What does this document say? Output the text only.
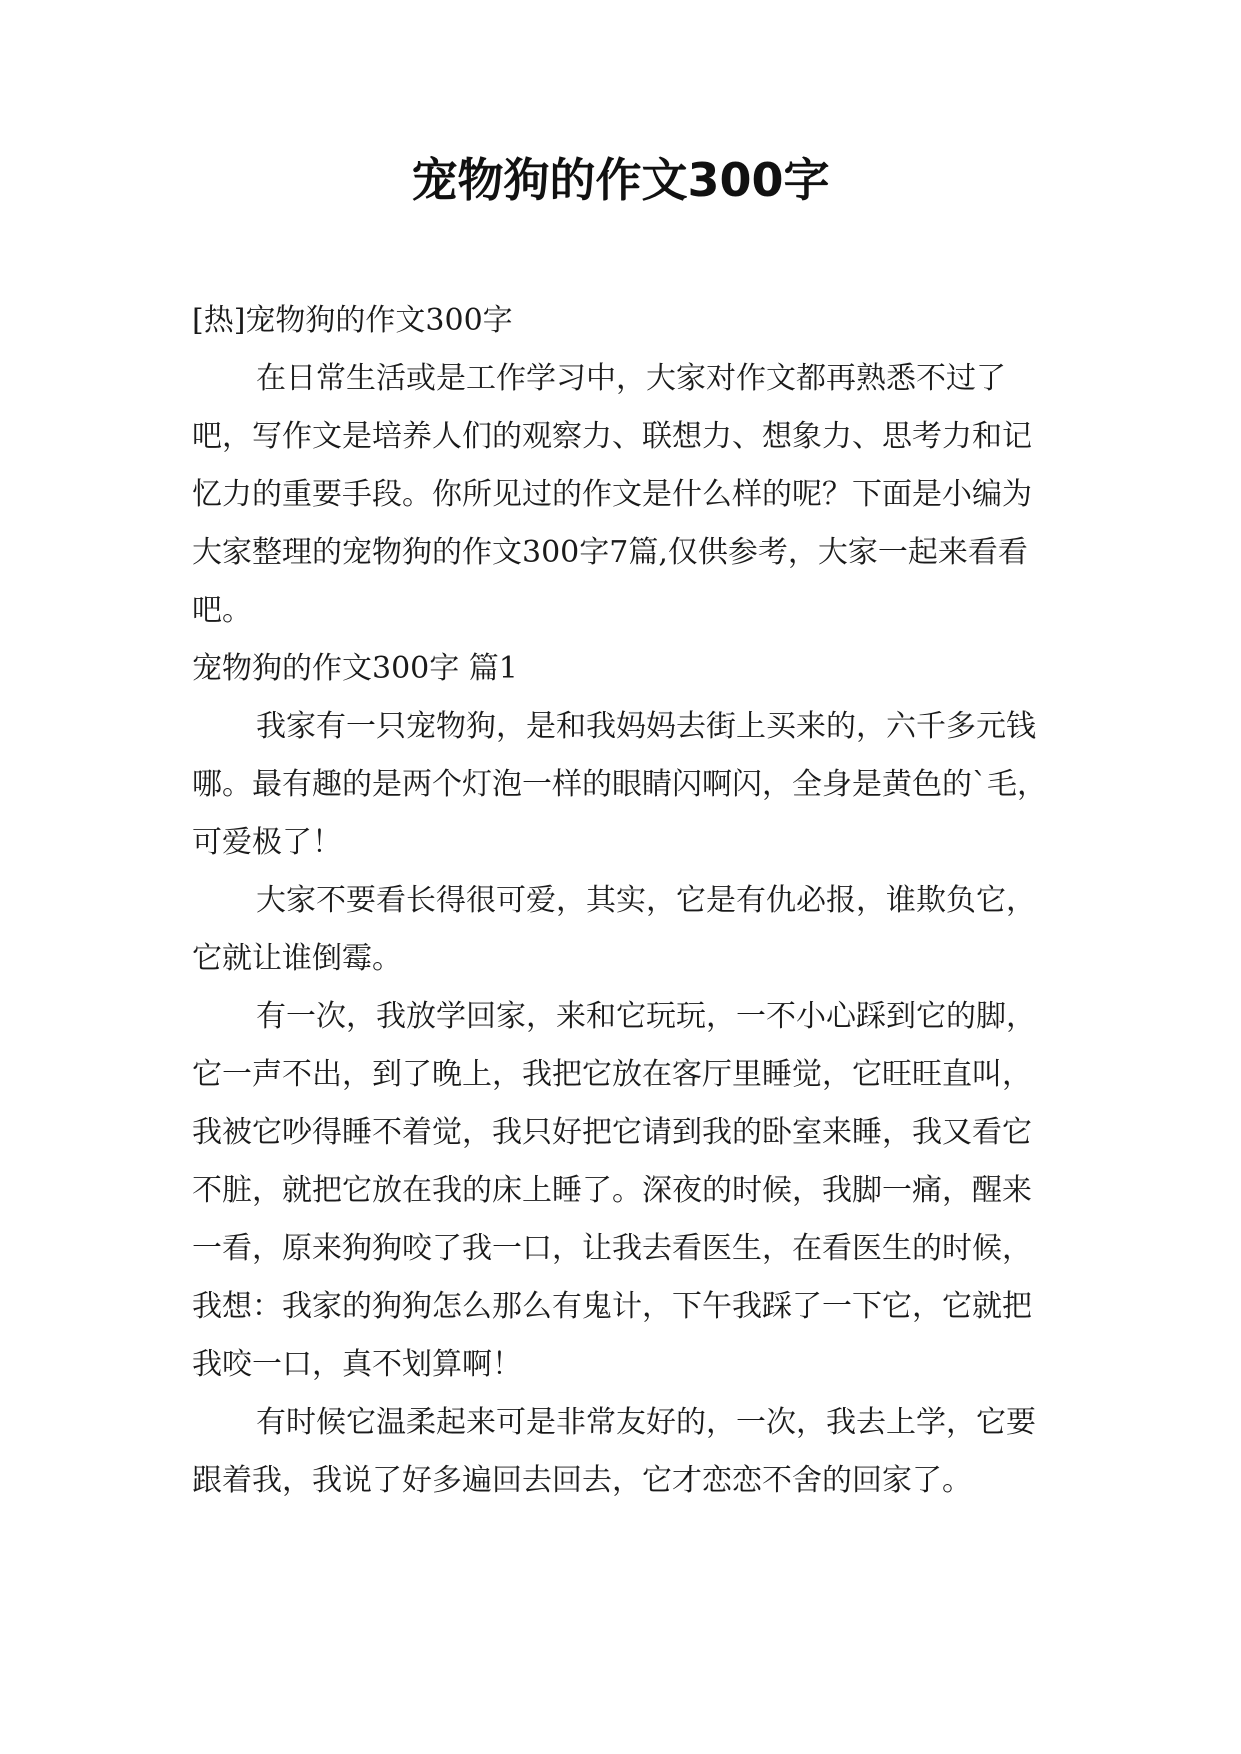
宠物狗的作文300字

[热]宠物狗的作文300字

在日常生活或是工作学习中，大家对作文都再熟悉不过了吧，写作文是培养人们的观察力、联想力、想象力、思考力和记忆力的重要手段。你所见过的作文是什么样的呢？下面是小编为大家整理的宠物狗的作文300字7篇,仅供参考，大家一起来看看吧。

宠物狗的作文300字 篇1

我家有一只宠物狗，是和我妈妈去街上买来的，六千多元钱哪。最有趣的是两个灯泡一样的眼睛闪啊闪，全身是黄色的`毛，可爱极了！

大家不要看长得很可爱，其实，它是有仇必报，谁欺负它，它就让谁倒霉。

有一次，我放学回家，来和它玩玩，一不小心踩到它的脚，它一声不出，到了晚上，我把它放在客厅里睡觉，它旺旺直叫，我被它吵得睡不着觉，我只好把它请到我的卧室来睡，我又看它不脏，就把它放在我的床上睡了。深夜的时候，我脚一痛，醒来一看，原来狗狗咬了我一口，让我去看医生，在看医生的时候，我想：我家的狗狗怎么那么有鬼计，下午我踩了一下它，它就把我咬一口，真不划算啊！

有时候它温柔起来可是非常友好的，一次，我去上学，它要跟着我，我说了好多遍回去回去，它才恋恋不舍的回家了。
